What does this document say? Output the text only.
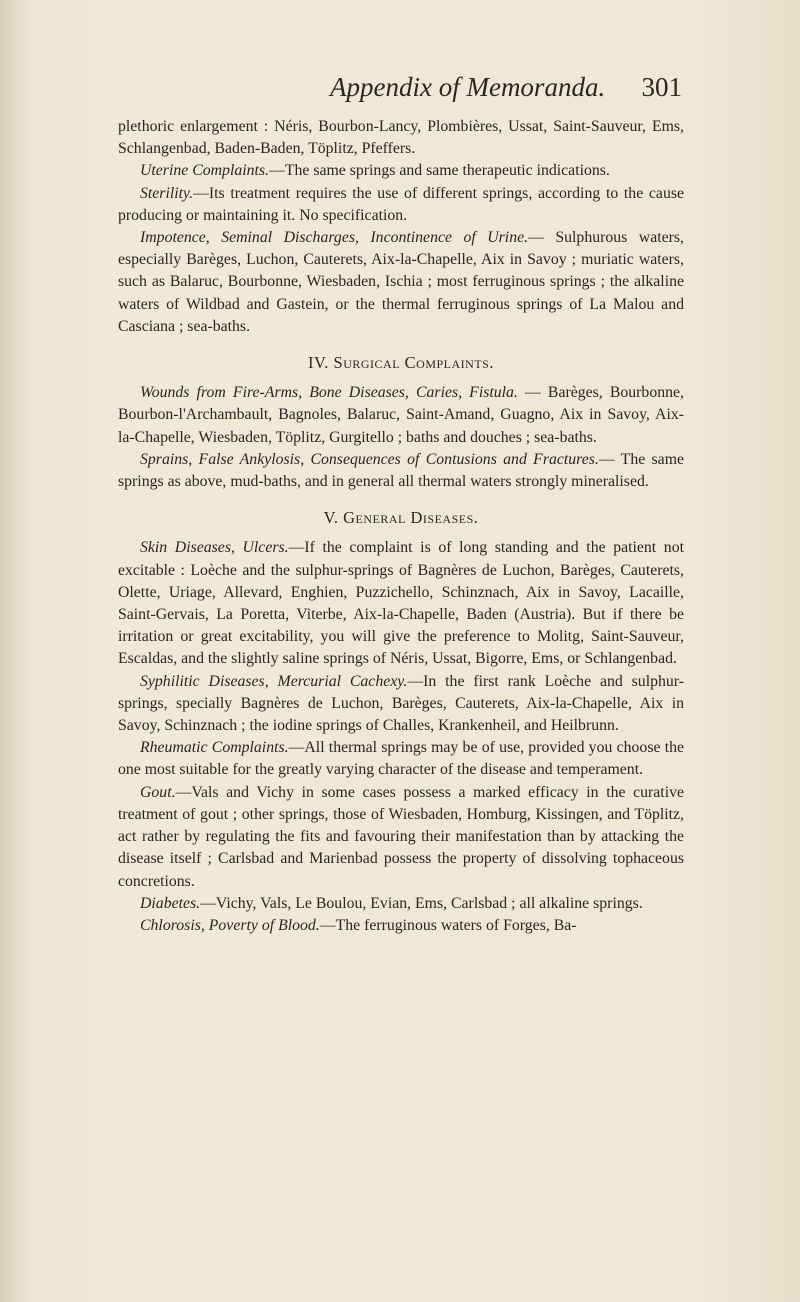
Appendix of Memoranda. 301

plethoric enlargement : Néris, Bourbon-Lancy, Plombières, Ussat, Saint-Sauveur, Ems, Schlangenbad, Baden-Baden, Töplitz, Pfeffers.

Uterine Complaints.—The same springs and same therapeutic indications.

Sterility.—Its treatment requires the use of different springs, according to the cause producing or maintaining it. No specification.

Impotence, Seminal Discharges, Incontinence of Urine.— Sulphurous waters, especially Barèges, Luchon, Cauterets, Aix-la-Chapelle, Aix in Savoy ; muriatic waters, such as Balaruc, Bourbonne, Wiesbaden, Ischia ; most ferruginous springs ; the alkaline waters of Wildbad and Gastein, or the thermal ferruginous springs of La Malou and Casciana ; sea-baths.

IV. Surgical Complaints.

Wounds from Fire-Arms, Bone Diseases, Caries, Fistula. — Barèges, Bourbonne, Bourbon-l'Archambault, Bagnoles, Balaruc, Saint-Amand, Guagno, Aix in Savoy, Aix-la-Chapelle, Wiesbaden, Töplitz, Gurgitello ; baths and douches ; sea-baths.

Sprains, False Ankylosis, Consequences of Contusions and Fractures.— The same springs as above, mud-baths, and in general all thermal waters strongly mineralised.

V. General Diseases.

Skin Diseases, Ulcers.—If the complaint is of long standing and the patient not excitable : Loèche and the sulphur-springs of Bagnères de Luchon, Barèges, Cauterets, Olette, Uriage, Allevard, Enghien, Puzzichello, Schinznach, Aix in Savoy, Lacaille, Saint-Gervais, La Poretta, Viterbe, Aix-la-Chapelle, Baden (Austria). But if there be irritation or great excitability, you will give the preference to Molitg, Saint-Sauveur, Escaldas, and the slightly saline springs of Néris, Ussat, Bigorre, Ems, or Schlangenbad.

Syphilitic Diseases, Mercurial Cachexy.—In the first rank Loèche and sulphur-springs, specially Bagnères de Luchon, Barèges, Cauterets, Aix-la-Chapelle, Aix in Savoy, Schinznach ; the iodine springs of Challes, Krankenheil, and Heilbrunn.

Rheumatic Complaints.—All thermal springs may be of use, provided you choose the one most suitable for the greatly varying character of the disease and temperament.

Gout.—Vals and Vichy in some cases possess a marked efficacy in the curative treatment of gout ; other springs, those of Wiesbaden, Homburg, Kissingen, and Töplitz, act rather by regulating the fits and favouring their manifestation than by attacking the disease itself ; Carlsbad and Marienbad possess the property of dissolving tophaceous concretions.

Diabetes.—Vichy, Vals, Le Boulou, Evian, Ems, Carlsbad ; all alkaline springs.

Chlorosis, Poverty of Blood.—The ferruginous waters of Forges, Ba-
